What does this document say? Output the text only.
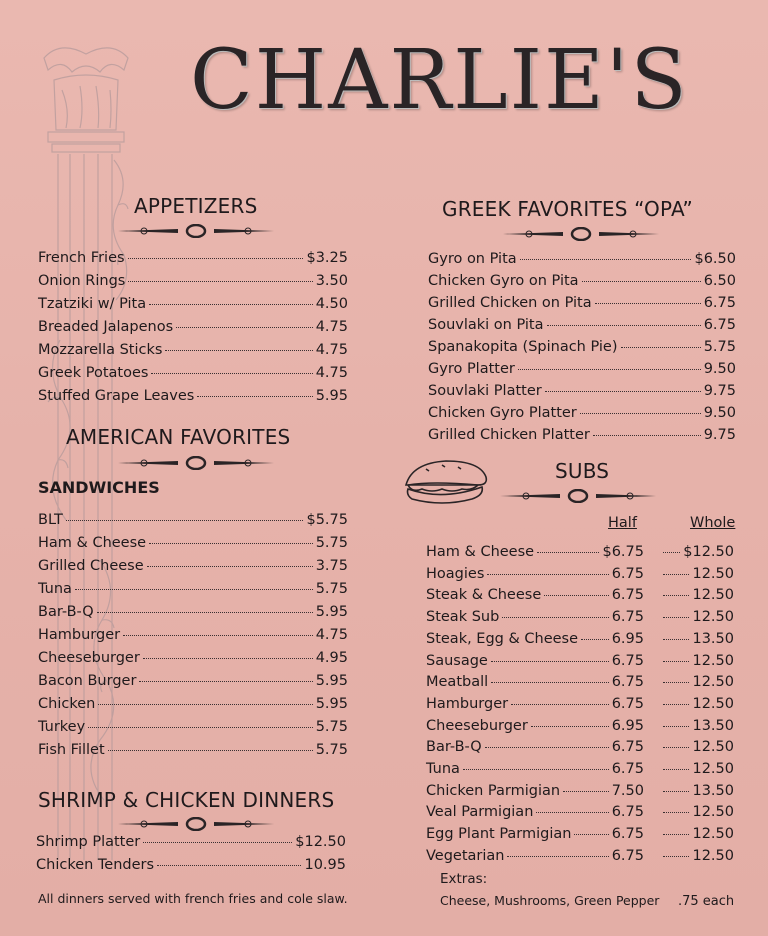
CHARLIE'S
APPETIZERS
French Fries	$3.25
Onion Rings	3.50
Tzatziki w/ Pita	4.50
Breaded Jalapenos	4.75
Mozzarella Sticks	4.75
Greek Potatoes	4.75
Stuffed Grape Leaves	5.95
AMERICAN FAVORITES
SANDWICHES
BLT	$5.75
Ham & Cheese	5.75
Grilled Cheese	3.75
Tuna	5.75
Bar-B-Q	5.95
Hamburger	4.75
Cheeseburger	4.95
Bacon Burger	5.95
Chicken	5.95
Turkey	5.75
Fish Fillet	5.75
SHRIMP & CHICKEN DINNERS
Shrimp Platter	$12.50
Chicken Tenders	10.95
All dinners served with french fries and cole slaw.
GREEK FAVORITES “OPA”
Gyro on Pita	$6.50
Chicken Gyro on Pita	6.50
Grilled Chicken on Pita	6.75
Souvlaki on Pita	6.75
Spanakopita (Spinach Pie)	5.75
Gyro Platter	9.50
Souvlaki Platter	9.75
Chicken Gyro Platter	9.50
Grilled Chicken Platter	9.75
SUBS
Half	Whole
Ham & Cheese	$6.75	$12.50
Hoagies	6.75	12.50
Steak & Cheese	6.75	12.50
Steak Sub	6.75	12.50
Steak, Egg & Cheese 6.95	13.50
Sausage	6.75	12.50
Meatball	6.75	12.50
Hamburger	6.75	12.50
Cheeseburger	6.95	13.50
Bar-B-Q	6.75	12.50
Tuna	6.75	12.50
Chicken Parmigian	7.50	13.50
Veal Parmigian	6.75	12.50
Egg Plant Parmigian	6.75	12.50
Vegetarian	6.75	12.50
Extras:
Cheese, Mushrooms, Green Pepper .75 each
